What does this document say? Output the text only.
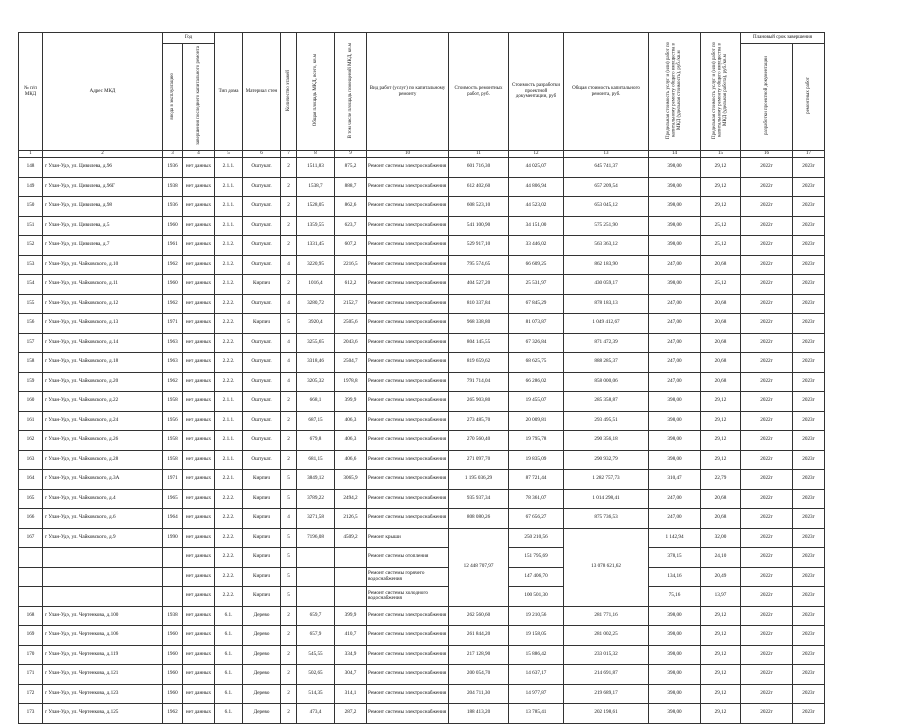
№ п/п МКД	Адрес МКД	Год		Тип дома	Материал стен	Количество этажей	Общая площадь МКД, всего, кв.м	В том числе площадь помещений МКД, кв.м	Вид работ (услуг) по капитальному ремонту	Стоимость ремонтных работ, руб.	Стоимость разработки проектной документации, руб	Общая стоимость капитального ремонта, руб.	Предельная стоимость услуг и (или) работ по капитальному ремонту общего имущества в МКД (удельная стоимость), руб./кв.м	Предельная стоимость услуг и (или) работ по капитальному ремонту общего имущества в МКД (удельная работа), руб./кв.м	Плановый срок завершения	
		ввода в эксплуатацию	завершения последнего капитального ремонта												разработки проектной документации	ремонтных работ
1	2	3	4	5	6	7	8	9	10	11	12	13	14	15	16	17
148	г Улан-Удэ, ул. Цивилева, д.96	1936	нет данных	2.1.1.	Оштукат.	2	1511,83	875,2	Ремонт системы электроснабжения	601 716,30	44 025,07	645 741,37	398,00	29,12	2022г	2023г
149	г Улан-Удэ, ул. Цивилева, д.96Г	1938	нет данных	2.1.1.	Оштукат.	2	1538,7	888,7	Ремонт системы электроснабжения	612 402,60	44 806,94	657 209,54	398,00	29,12	2022г	2023г
150	г Улан-Удэ, ул. Цивилева, д.98	1936	нет данных	2.1.1.	Оштукат.	2	1528,05	862,6	Ремонт системы электроснабжения	608 523,10	44 523,02	653 045,12	398,00	29,12	2022г	2023г
151	г Улан-Удэ, ул. Цивилева, д.5	1960	нет данных	2.1.1.	Оштукат.	2	1359,55	623,7	Ремонт системы электроснабжения	541 100,90	34 151,00	575 251,90	398,00	25,12	2022г	2023г
152	г Улан-Удэ, ул. Цивилева, д.7	1961	нет данных	2.1.2.	Оштукат.	2	1331,45	607,2	Ремонт системы электроснабжения	529 917,10	33 446,02	563 363,12	398,00	25,12	2022г	2023г
153	г Улан-Удэ, ул. Чайковского, д.10	1962	нет данных	2.1.2.	Оштукат.	4	3220,95	2216,5	Ремонт системы электроснабжения	795 574,65	66 609,25	862 183,90	247,00	20,68	2022г	2023г
154	г Улан-Удэ, ул. Чайковского, д.11	1960	нет данных	2.1.2.	Кирпич	2	1016,4	612,2	Ремонт системы электроснабжения	404 527,20	25 531,97	430 059,17	398,00	25,12	2022г	2023г
155	г Улан-Удэ, ул. Чайковского, д.12	1962	нет данных	2.2.2.	Оштукат.	4	3280,72	2152,7	Ремонт системы электроснабжения	810 337,84	67 845,29	878 183,13	247,00	20,68	2022г	2023г
156	г Улан-Удэ, ул. Чайковского, д.13	1971	нет данных	2.2.2.	Кирпич	5	3920,4	2505,6	Ремонт системы электроснабжения	968 338,80	81 073,87	1 049 412,67	247,00	20,68	2022г	2023г
157	г Улан-Удэ, ул. Чайковского, д.14	1963	нет данных	2.2.2.	Оштукат.	4	3255,65	2043,6	Ремонт системы электроснабжения	804 145,55	67 326,84	871 472,39	247,00	20,68	2022г	2023г
158	г Улан-Удэ, ул. Чайковского, д.18	1963	нет данных	2.2.2.	Оштукат.	4	3318,46	2504,7	Ремонт системы электроснабжения	819 659,62	68 625,75	888 285,37	247,00	20,68	2022г	2023г
159	г Улан-Удэ, ул. Чайковского, д.20	1962	нет данных	2.2.2.	Оштукат.	4	3205,32	1978,8	Ремонт системы электроснабжения	791 714,04	66 286,02	858 000,06	247,00	20,68	2022г	2023г
160	г Улан-Удэ, ул. Чайковского, д.22	1958	нет данных	2.1.1.	Оштукат.	2	668,1	399,9	Ремонт системы электроснабжения	265 903,80	19 455,07	285 358,87	398,00	29,12	2022г	2023г
161	г Улан-Удэ, ул. Чайковского, д.24	1956	нет данных	2.1.1.	Оштукат.	2	687,15	406,3	Ремонт системы электроснабжения	273 485,70	20 009,81	293 495,51	398,00	29,12	2022г	2023г
162	г Улан-Удэ, ул. Чайковского, д.26	1958	нет данных	2.1.1.	Оштукат.	2	679,8	406,3	Ремонт системы электроснабжения	270 560,40	19 795,78	290 356,18	398,00	29,12	2022г	2023г
163	г Улан-Удэ, ул. Чайковского, д.28	1958	нет данных	2.1.1.	Оштукат.	2	681,15	406,6	Ремонт системы электроснабжения	271 097,70	19 835,09	290 932,79	398,00	29,12	2022г	2023г
164	г Улан-Удэ, ул. Чайковского, д.3А	1971	нет данных	2.2.1.	Кирпич	5	3849,12	3065,9	Ремонт системы электроснабжения	1 195 036,29	87 721,44	1 282 757,73	310,47	22,79	2022г	2023г
165	г Улан-Удэ, ул. Чайковского, д.4	1965	нет данных	2.2.2.	Кирпич	5	3789,22	2494,2	Ремонт системы электроснабжения	935 937,34	78 361,07	1 014 298,41	247,00	20,68	2022г	2023г
166	г Улан-Удэ, ул. Чайковского, д.6	1964	нет данных	2.2.2.	Кирпич	4	3271,58	2126,5	Ремонт системы электроснабжения	808 080,26	67 656,27	875 736,53	247,00	20,68	2022г	2023г
167	г Улан-Удэ, ул. Чайковского, д.9	1990	нет данных	2.2.2.	Кирпич	5	7196,08	4509,2	Ремонт крыши	12 448 707,97	250 210,56	13 078 621,62	1 142,94	32,00	2022г	2023г
			нет данных	2.2.2.	Кирпич	5			Ремонт системы отопления		151 795,69		378,15	24,10	2022г	2023г
			нет данных	2.2.2.	Кирпич	5			Ремонт системы горячего водоснабжения		147 406,70		134,16	20,49	2022г	2023г
			нет данных	2.2.2.	Кирпич	5			Ремонт системы холодного водоснабжения		100 501,30		75,16	13,97	2022г	2023г
168	г Улан-Удэ, ул. Чертенкова, д.100	1938	нет данных	6.1.	Дерево	2	659,7	399,9	Ремонт системы электроснабжения	262 560,60	19 210,56	281 771,16	398,00	29,12	2022г	2023г
169	г Улан-Удэ, ул. Чертенкова, д.106	1960	нет данных	6.1.	Дерево	2	657,9	410,7	Ремонт системы электроснабжения	261 844,20	19 158,05	281 002,25	398,00	29,12	2022г	2023г
170	г Улан-Удэ, ул. Чертенкова, д.119	1960	нет данных	6.1.	Дерево	2	545,55	334,9	Ремонт системы электроснабжения	217 128,90	15 886,42	233 015,32	398,00	29,12	2022г	2023г
171	г Улан-Удэ, ул. Чертенкова, д.121	1960	нет данных	6.1.	Дерево	2	502,65	304,7	Ремонт системы электроснабжения	200 054,70	14 637,17	214 691,87	398,00	29,12	2022г	2023г
172	г Улан-Удэ, ул. Чертенкова, д.123	1960	нет данных	6.1.	Дерево	2	514,35	314,1	Ремонт системы электроснабжения	204 711,30	14 977,87	219 689,17	398,00	29,12	2022г	2023г
173	г Улан-Удэ, ул. Чертенкова, д.125	1962	нет данных	6.1.	Дерево	2	473,4	287,2	Ремонт системы электроснабжения	188 413,20	13 785,41	202 198,61	398,00	29,12	2022г	2023г
